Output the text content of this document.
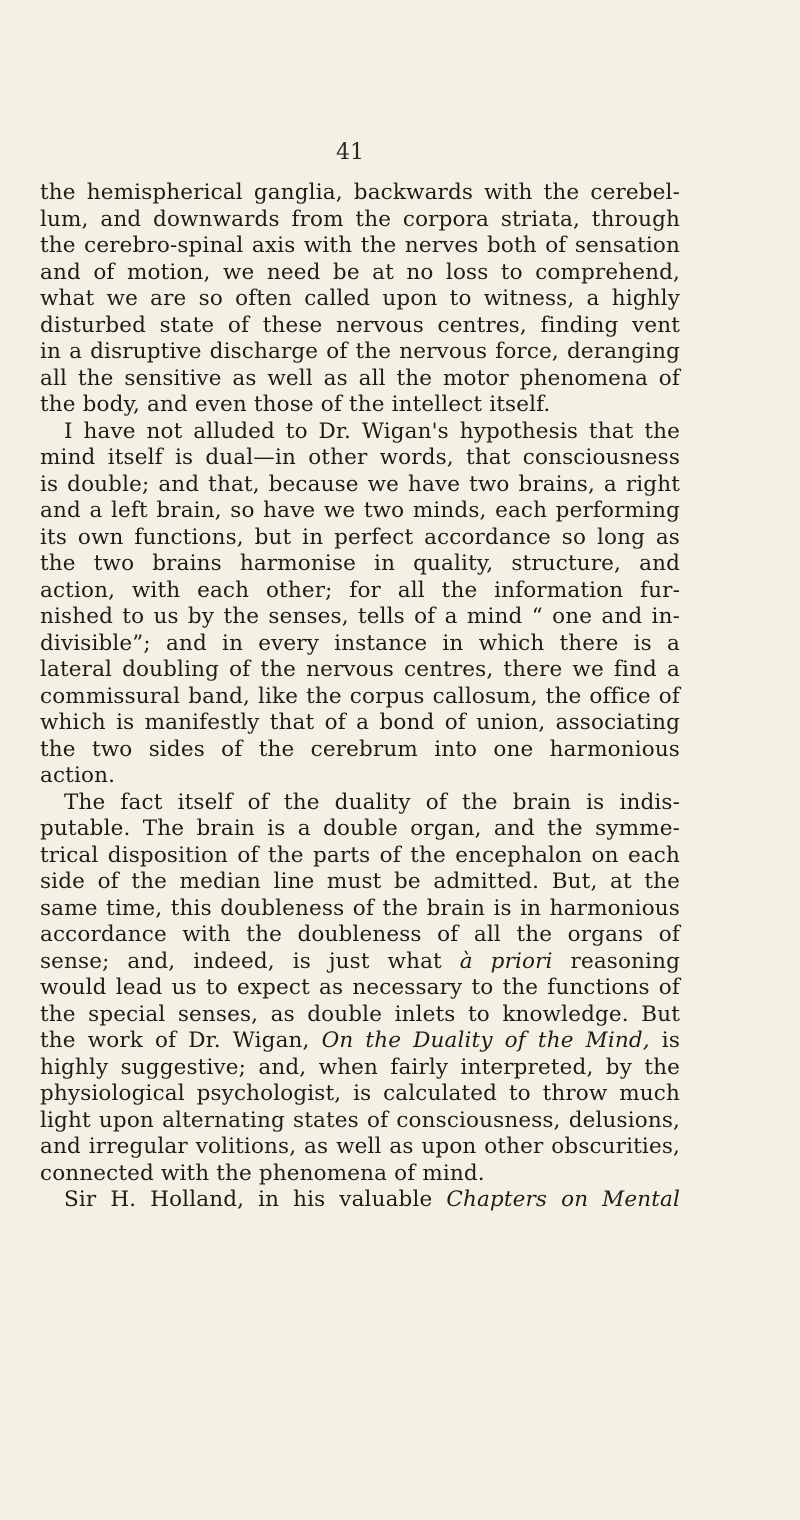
41
the hemispherical ganglia, backwards with the cerebel-
lum, and downwards from the corpora striata, through
the cerebro-spinal axis with the nerves both of sensation
and of motion, we need be at no loss to comprehend,
what we are so often called upon to witness, a highly
disturbed state of these nervous centres, finding vent
in a disruptive discharge of the nervous force, deranging
all the sensitive as well as all the motor phenomena of
the body, and even those of the intellect itself.
I have not alluded to Dr. Wigan's hypothesis that the
mind itself is dual—in other words, that consciousness
is double; and that, because we have two brains, a right
and a left brain, so have we two minds, each performing
its own functions, but in perfect accordance so long as
the two brains harmonise in quality, structure, and
action, with each other; for all the information fur-
nished to us by the senses, tells of a mind “ one and in-
divisible”; and in every instance in which there is a
lateral doubling of the nervous centres, there we find a
commissural band, like the corpus callosum, the office of
which is manifestly that of a bond of union, associating
the two sides of the cerebrum into one harmonious
action.
The fact itself of the duality of the brain is indis-
putable. The brain is a double organ, and the symme-
trical disposition of the parts of the encephalon on each
side of the median line must be admitted. But, at the
same time, this doubleness of the brain is in harmonious
accordance with the doubleness of all the organs of
sense; and, indeed, is just what à priori reasoning
would lead us to expect as necessary to the functions of
the special senses, as double inlets to knowledge. But
the work of Dr. Wigan, On the Duality of the Mind, is
highly suggestive; and, when fairly interpreted, by the
physiological psychologist, is calculated to throw much
light upon alternating states of consciousness, delusions,
and irregular volitions, as well as upon other obscurities,
connected with the phenomena of mind.
Sir H. Holland, in his valuable Chapters on Mental
